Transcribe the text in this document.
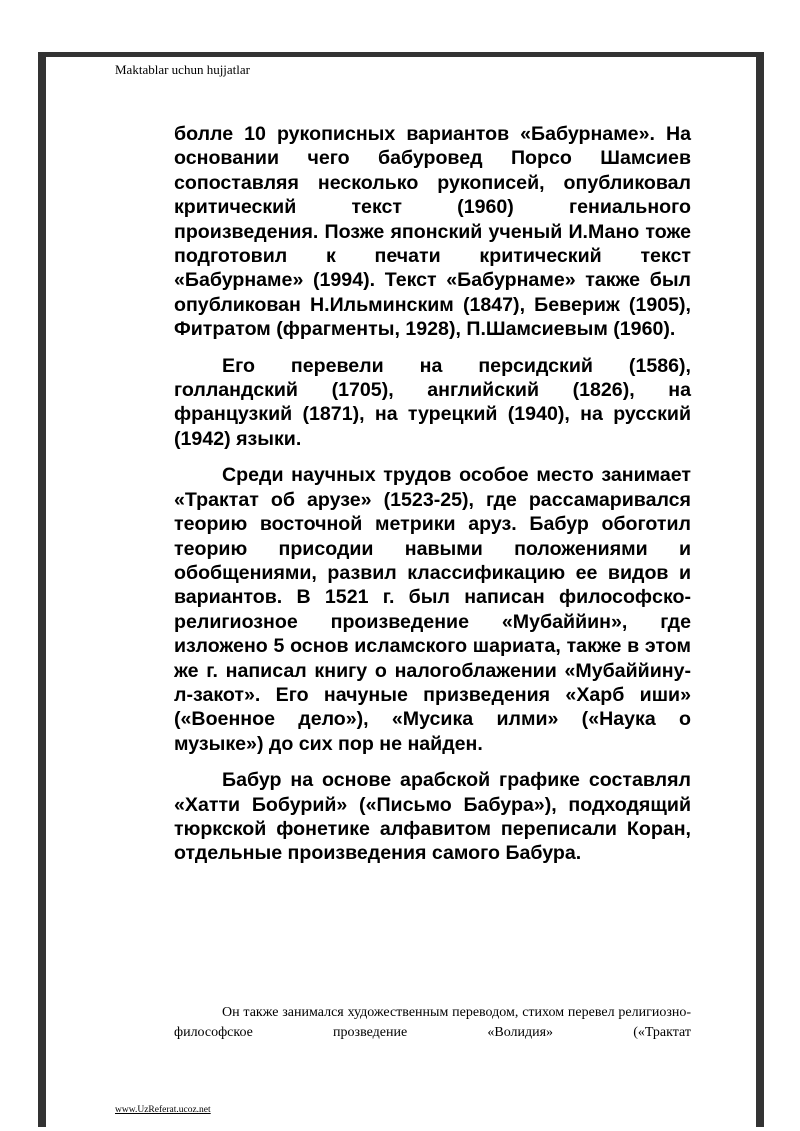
Maktablar uchun hujjatlar

болле 10 рукописных вариантов «Бабурнаме». На основании чего бабуровед Порсо Шамсиев сопоставляя несколько рукописей, опубликовал критический текст (1960) гениального произведения. Позже японский ученый И.Мано тоже подготовил к печати критический текст «Бабурнаме» (1994). Текст «Бабурнаме» также был опубликован Н.Ильминским (1847), Бевериж (1905), Фитратом (фрагменты, 1928), П.Шамсиевым (1960).

Его перевели на персидский (1586), голландский (1705), английский (1826), на французкий (1871), на турецкий (1940), на русский (1942) языки.

Среди научных трудов особое место занимает «Трактат об арузе» (1523-25), где рассамаривался теорию восточной метрики аруз. Бабур обоготил теорию присодии навыми положениями и обобщениями, развил классификацию ее видов и вариантов. В 1521 г. был написан философско-религиозное произведение «Мубаййин», где изложено 5 основ исламского шариата, также в этом же г. написал книгу о налогоблажении «Мубаййину-л-закот». Его начуные призведения «Харб иши» («Военное дело»), «Мусика илми» («Наука о музыке») до сих пор не найден.

Бабур на основе арабской графике составлял «Хатти Бобурий» («Письмо Бабура»), подходящий тюркской фонетике алфавитом переписали Коран, отдельные произведения самого Бабура.

Он также занимался художественным переводом, стихом перевел религиозно-философское прозведение «Волидия» («Трактат

www.UzReferat.ucoz.net
